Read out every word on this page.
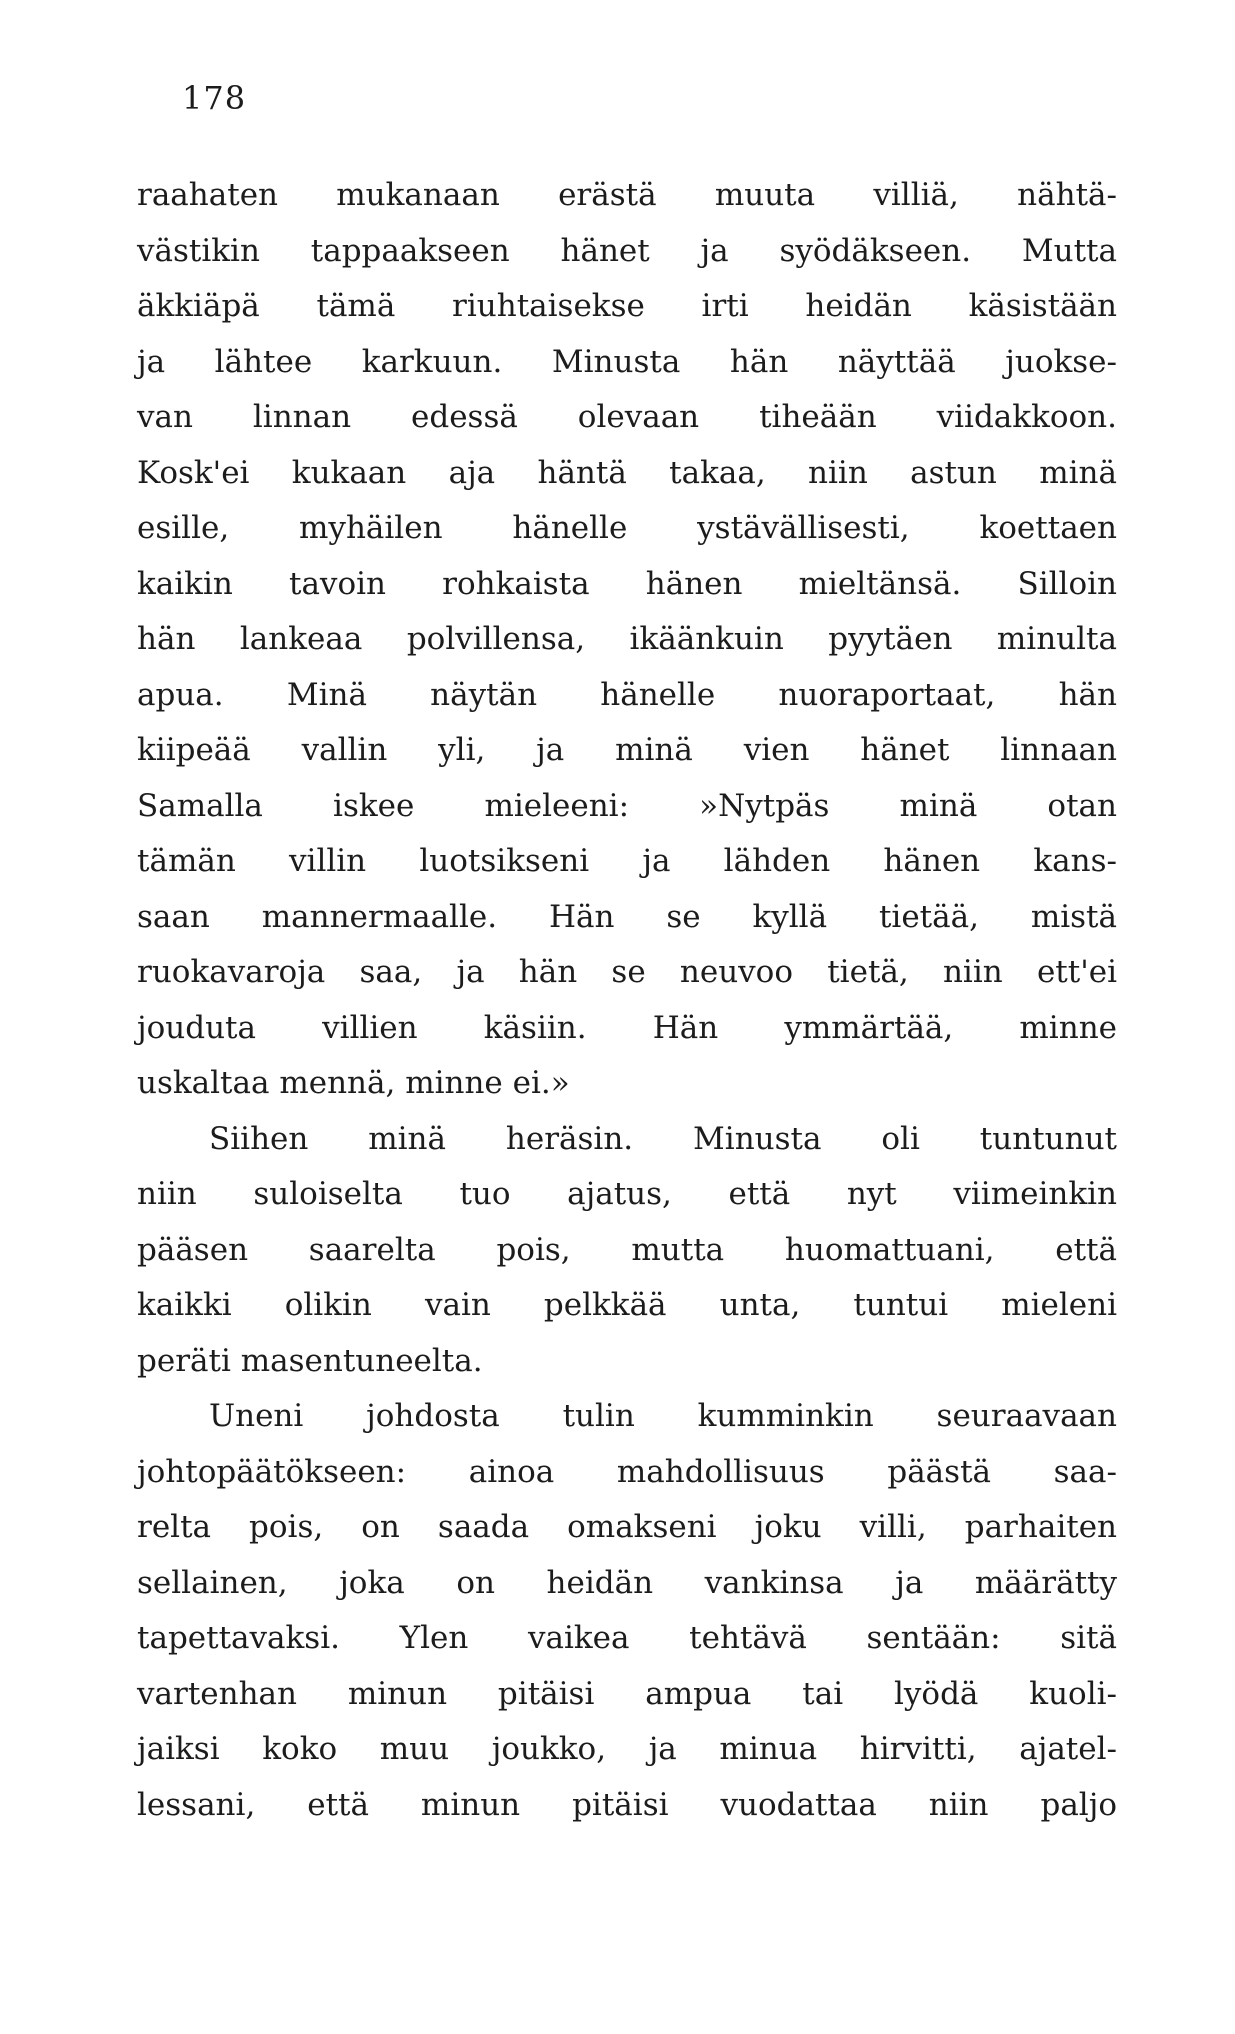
178
raahaten mukanaan erästä muuta villiä, nähtä-
västikin tappaakseen hänet ja syödäkseen. Mutta
äkkiäpä tämä riuhtaisekse irti heidän käsistään
ja lähtee karkuun. Minusta hän näyttää juokse-
van linnan edessä olevaan tiheään viidakkoon.
Kosk'ei kukaan aja häntä takaa, niin astun minä
esille, myhäilen hänelle ystävällisesti, koettaen
kaikin tavoin rohkaista hänen mieltänsä. Silloin
hän lankeaa polvillensa, ikäänkuin pyytäen minulta
apua. Minä näytän hänelle nuoraportaat, hän
kiipeää vallin yli, ja minä vien hänet linnaan
Samalla iskee mieleeni: »Nytpäs minä otan
tämän villin luotsikseni ja lähden hänen kans-
saan mannermaalle. Hän se kyllä tietää, mistä
ruokavaroja saa, ja hän se neuvoo tietä, niin ett'ei
jouduta villien käsiin. Hän ymmärtää, minne
uskaltaa mennä, minne ei.»
Siihen minä heräsin. Minusta oli tuntunut
niin suloiselta tuo ajatus, että nyt viimeinkin
pääsen saarelta pois, mutta huomattuani, että
kaikki olikin vain pelkkää unta, tuntui mieleni
peräti masentuneelta.
Uneni johdosta tulin kumminkin seuraavaan
johtopäätökseen: ainoa mahdollisuus päästä saa-
relta pois, on saada omakseni joku villi, parhaiten
sellainen, joka on heidän vankinsa ja määrätty
tapettavaksi. Ylen vaikea tehtävä sentään: sitä
vartenhan minun pitäisi ampua tai lyödä kuoli-
jaiksi koko muu joukko, ja minua hirvitti, ajatel-
lessani, että minun pitäisi vuodattaa niin paljo
